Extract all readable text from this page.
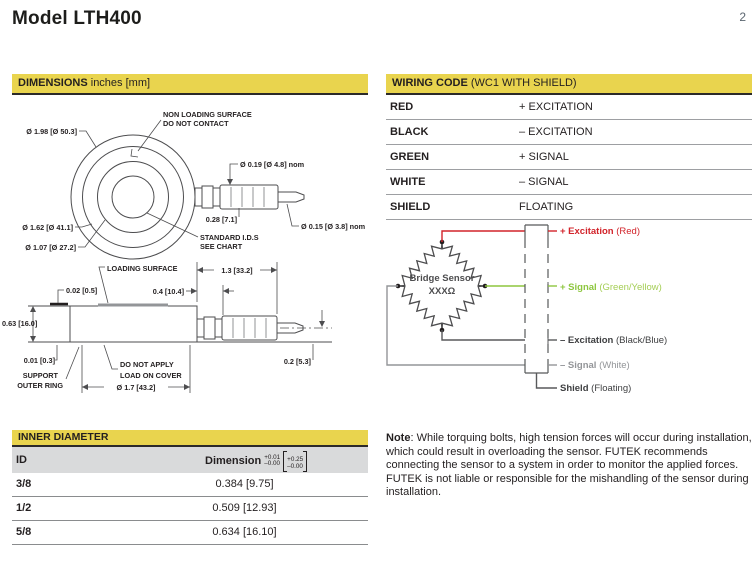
Model LTH400	2
DIMENSIONS inches [mm]
Ø 1.98 [Ø 50.3]
NON LOADING SURFACE
DO NOT CONTACT
Ø 0.19 [Ø 4.8] nom
0.28 [7.1]
Ø 0.15 [Ø 3.8] nom
Ø 1.62 [Ø 41.1]
Ø 1.07 [Ø 27.2]
STANDARD I.D.S
SEE CHART
LOADING SURFACE	1.3 [33.2]
0.02 [0.5]	0.4 [10.4]
0.63 [16.0]
0.01 [0.3]
SUPPORT
OUTER RING
DO NOT APPLY
LOAD ON COVER
Ø 1.7 [43.2]
0.2 [5.3]
WIRING CODE (WC1 WITH SHIELD)
RED	+ EXCITATION
BLACK	– EXCITATION
GREEN	+ SIGNAL
WHITE	– SIGNAL
SHIELD	FLOATING
Bridge Sensor
XXXΩ
+ Excitation (Red)
+ Signal (Green/Yellow)
– Excitation (Black/Blue)
– Signal (White)
Shield (Floating)
INNER DIAMETER
ID	Dimension +0.01
–0.00
+0.25
–0.00
3/8	0.384 [9.75]
1/2	0.509 [12.93]
5/8	0.634 [16.10]
Note: While torquing bolts, high tension forces will occur during installation, which could result in overloading the sensor. FUTEK recommends connecting the sensor to a system in order to monitor the applied forces. FUTEK is not liable or responsible for the mishandling of the sensor during installation.
